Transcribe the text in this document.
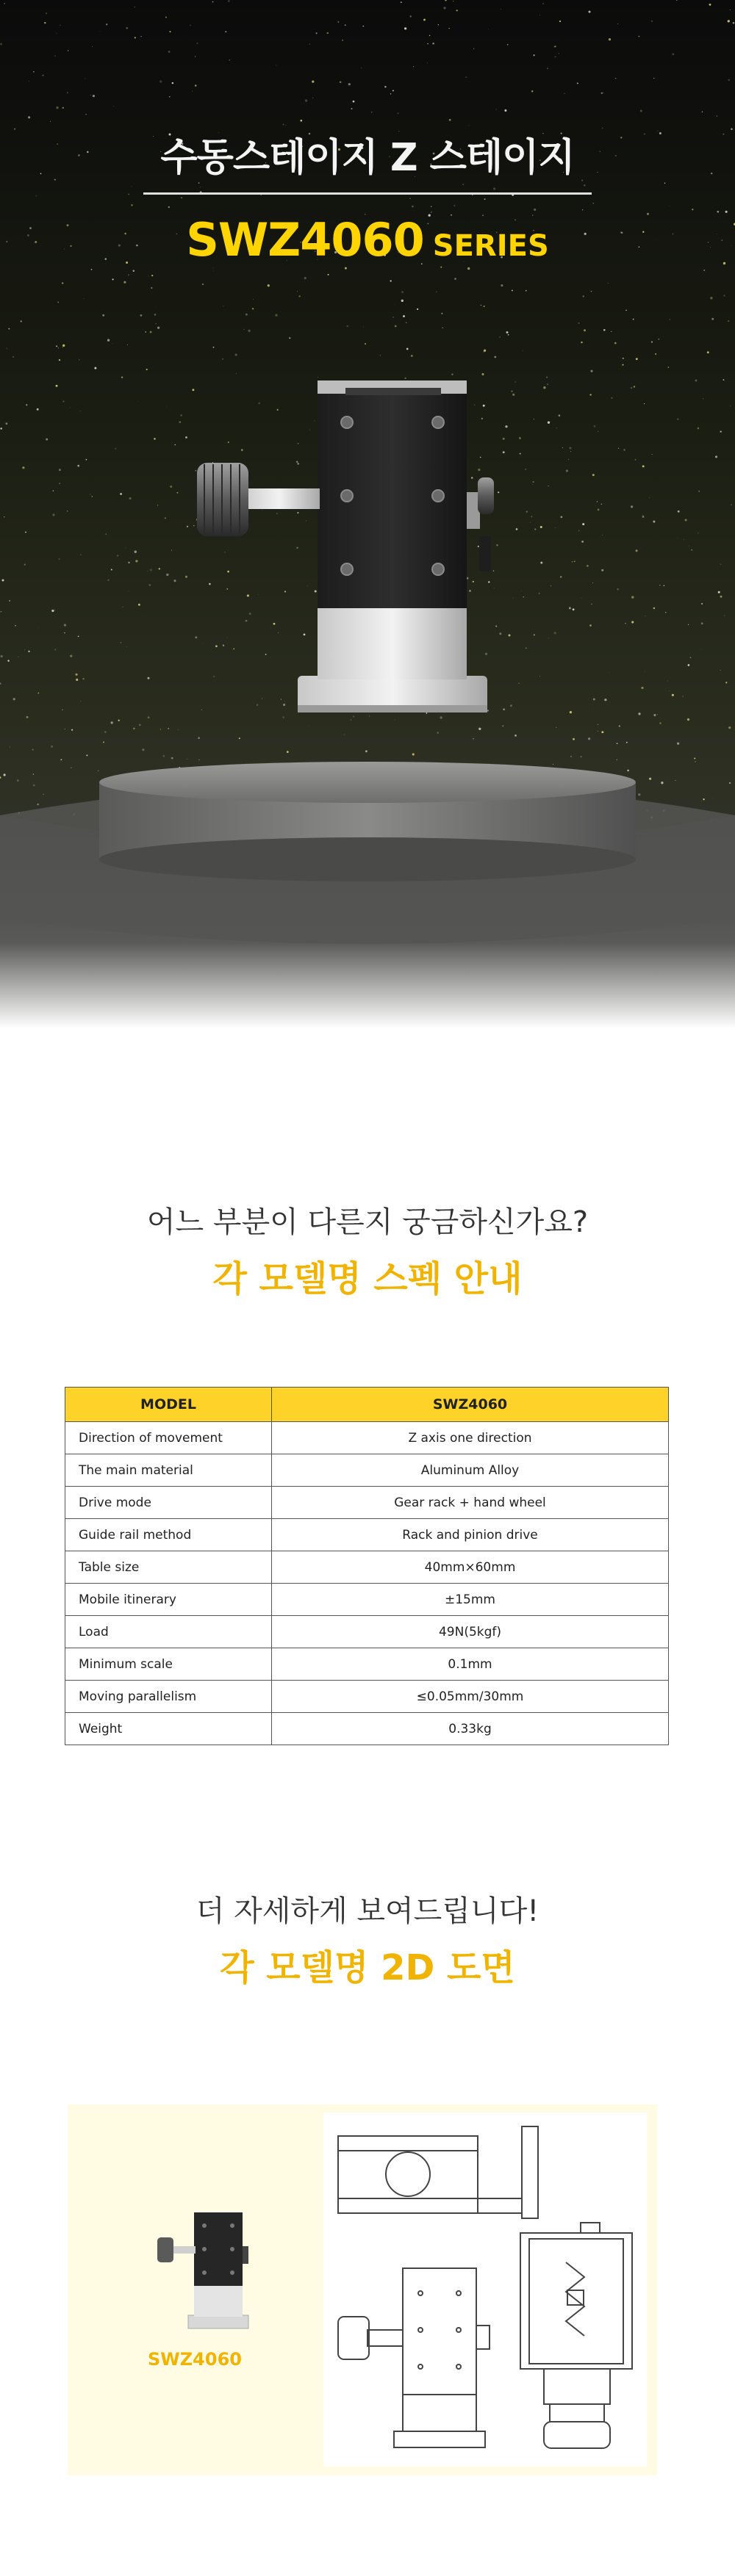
수동스테이지 Z 스테이지
SWZ4060 SERIES
어느 부분이 다른지 궁금하신가요?
각 모델명 스펙 안내
MODEL	SWZ4060
Direction of movement	Z axis one direction
The main material	Aluminum Alloy
Drive mode	Gear rack + hand wheel
Guide rail method	Rack and pinion drive
Table size	40mm×60mm
Mobile itinerary	±15mm
Load	49N(5kgf)
Minimum scale	0.1mm
Moving parallelism	≤0.05mm/30mm
Weight	0.33kg
더 자세하게 보여드립니다!
각 모델명 2D 도면
SWZ4060
